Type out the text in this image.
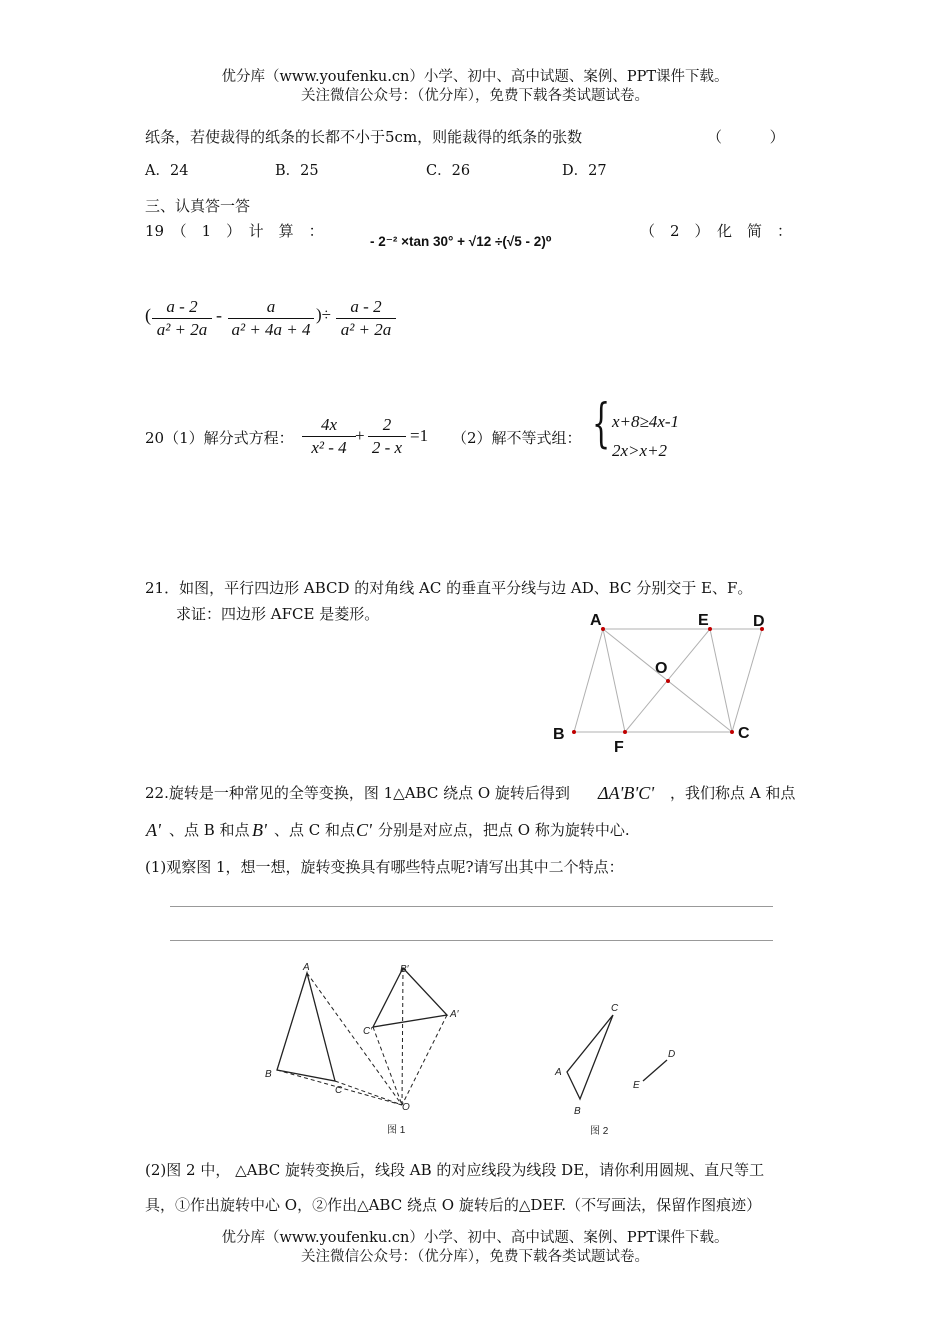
优分库（www.youfenku.cn）小学、初中、高中试题、案例、PPT课件下载。
关注微信公众号：（优分库），免费下载各类试题试卷。
纸条，若使裁得的纸条的长都不小于5cm，则能裁得的纸条的张数	（          ）
A．24	B．25	C．26	D．27
三、认真答一答
19　（　1　）　计　算　：
- 2⁻² ×tan 30° + √12 ÷(√5 - 2)⁰
（　2　）　化　简　：
( a - 2
a² + 2a
-	a
a² + 4a + 4
)÷	a - 2
a² + 2a
20（1）解分式方程：
4x
x² - 4
+
2
2 - x
=1 （2）解不等式组： { x+8≥4x-1
2x>x+2
21．如图，平行四边形 ABCD 的对角线 AC 的垂直平分线与边 AD、BC 分别交于 E、F。
求证：四边形 AFCE 是菱形。	A	E	D
O
B
F
C
22.旋转是一种常见的全等变换，图 1△ABC 绕点 O 旋转后得到 ΔA'B'C' ，我们称点 A 和点
A' 、点 B 和点 B' 、点 C 和点 C' 分别是对应点，把点 O 称为旋转中心.
(1)观察图 1，想一想，旋转变换具有哪些特点呢?请写出其中二个特点：
A
B
C
O
A′
B′
C′
图 1
A
B
C
D
E
图 2
(2)图 2 中， △ABC 旋转变换后，线段 AB 的对应线段为线段 DE，请你利用圆规、直尺等工
具，①作出旋转中心 O，②作出△ABC 绕点 O 旋转后的△DEF.（不写画法，保留作图痕迹）
优分库（www.youfenku.cn）小学、初中、高中试题、案例、PPT课件下载。
关注微信公众号：（优分库），免费下载各类试题试卷。
